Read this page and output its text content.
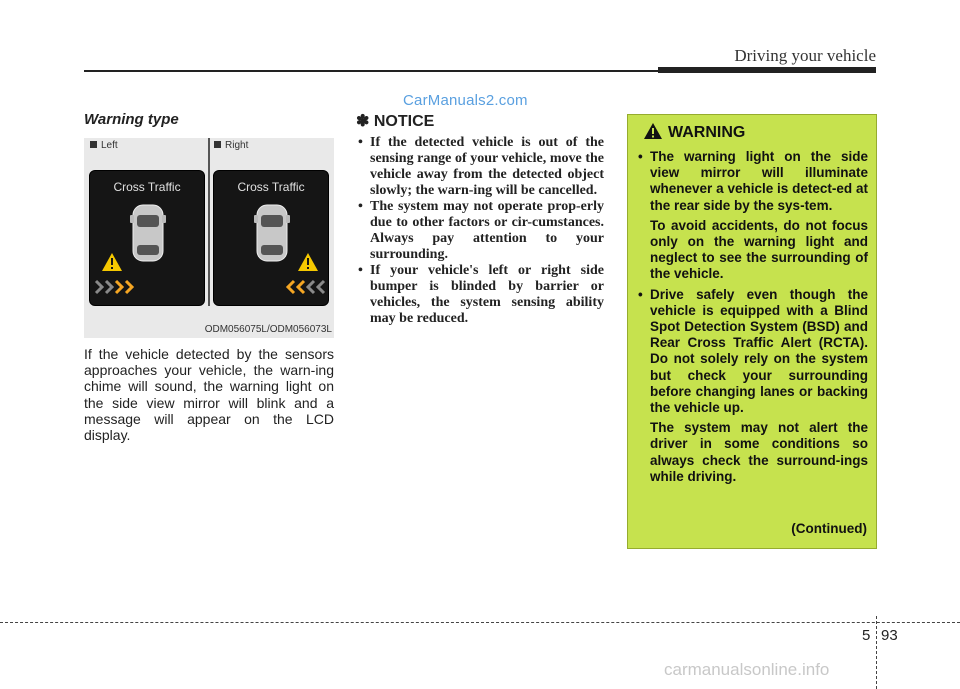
Driving your vehicle
Warning type
Left	Right
Cross Traffic	Cross Traffic
ODM056075L/ODM056073L
If the vehicle detected by the sensors approaches your vehicle, the warn-ing chime will sound, the warning light on the side view mirror will blink and a message will appear on the LCD display.
CarManuals2.com
✽ NOTICE
• If the detected vehicle is out of the sensing range of your vehicle, move the vehicle away from the detected object slowly; the warn-ing will be cancelled.
• The system may not operate prop-erly due to other factors or cir-cumstances. Always pay attention to your surrounding.
• If your vehicle's left or right side bumper is blinded by barrier or vehicles, the system sensing ability may be reduced.
WARNING
• The warning light on the side view mirror will illuminate whenever a vehicle is detect-ed at the rear side by the sys-tem.

To avoid accidents, do not focus only on the warning light and neglect to see the surrounding of the vehicle.

• Drive safely even though the vehicle is equipped with a Blind Spot Detection System (BSD) and Rear Cross Traffic Alert (RCTA). Do not solely rely on the system but check your surrounding before changing lanes or backing the vehicle up.

The system may not alert the driver in some conditions so always check the surround-ings while driving.

(Continued)
5 93
carmanualsonline.info
